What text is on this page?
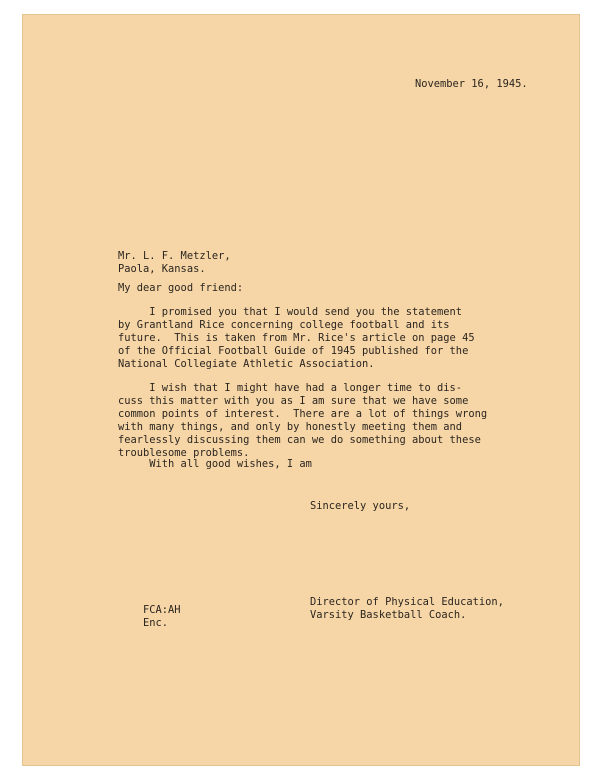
November 16, 1945.

Mr. L. F. Metzler,
Paola, Kansas.

My dear good friend:

I promised you that I would send you the statement
by Grantland Rice concerning college football and its
future.  This is taken from Mr. Rice's article on page 45
of the Official Football Guide of 1945 published for the
National Collegiate Athletic Association.
I wish that I might have had a longer time to dis-
cuss this matter with you as I am sure that we have some
common points of interest.  There are a lot of things wrong
with many things, and only by honestly meeting them and
fearlessly discussing them can we do something about these
troublesome problems.

With all good wishes, I am

Sincerely yours,

Director of Physical Education,
Varsity Basketball Coach.
FCA:AH
Enc.
